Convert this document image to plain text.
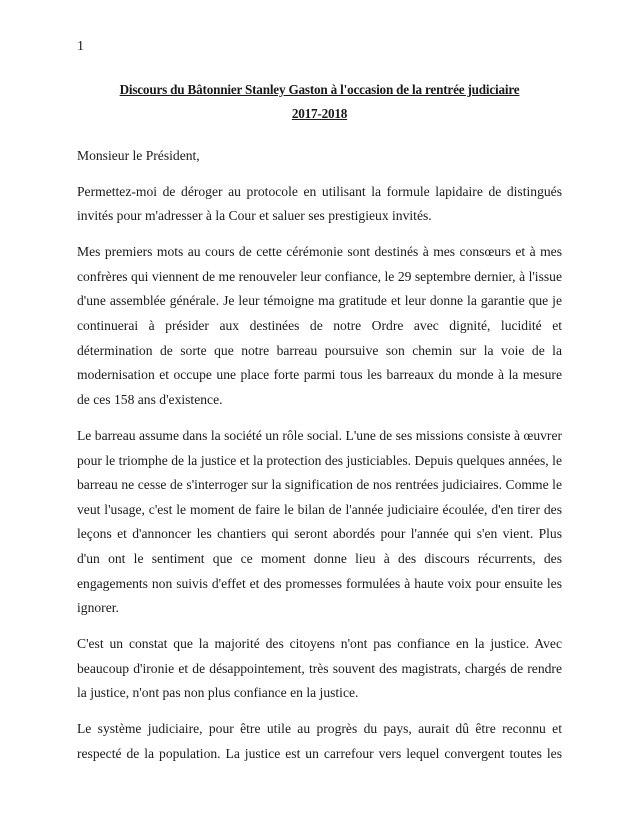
1
Discours du Bâtonnier Stanley Gaston à l'occasion de la rentrée judiciaire
2017-2018

Monsieur le Président,

Permettez-moi de déroger au protocole en utilisant la formule lapidaire de distingués invités pour m'adresser à la Cour et saluer ses prestigieux invités.

Mes premiers mots au cours de cette cérémonie sont destinés à mes consœurs et à mes confrères qui viennent de me renouveler leur confiance, le 29 septembre dernier, à l'issue d'une assemblée générale. Je leur témoigne ma gratitude et leur donne la garantie que je continuerai à présider aux destinées de notre Ordre avec dignité, lucidité et détermination de sorte que notre barreau poursuive son chemin sur la voie de la modernisation et occupe une place forte parmi tous les barreaux du monde à la mesure de ces 158 ans d'existence.

Le barreau assume dans la société un rôle social. L'une de ses missions consiste à œuvrer pour le triomphe de la justice et la protection des justiciables. Depuis quelques années, le barreau ne cesse de s'interroger sur la signification de nos rentrées judiciaires. Comme le veut l'usage, c'est le moment de faire le bilan de l'année judiciaire écoulée, d'en tirer des leçons et d'annoncer les chantiers qui seront abordés pour l'année qui s'en vient. Plus d'un ont le sentiment que ce moment donne lieu à des discours récurrents, des engagements non suivis d'effet et des promesses formulées à haute voix pour ensuite les ignorer.

C'est un constat que la majorité des citoyens n'ont pas confiance en la justice. Avec beaucoup d'ironie et de désappointement, très souvent des magistrats, chargés de rendre la justice, n'ont pas non plus confiance en la justice.

Le système judiciaire, pour être utile au progrès du pays, aurait dû être reconnu et respecté de la population. La justice est un carrefour vers lequel convergent toutes les
